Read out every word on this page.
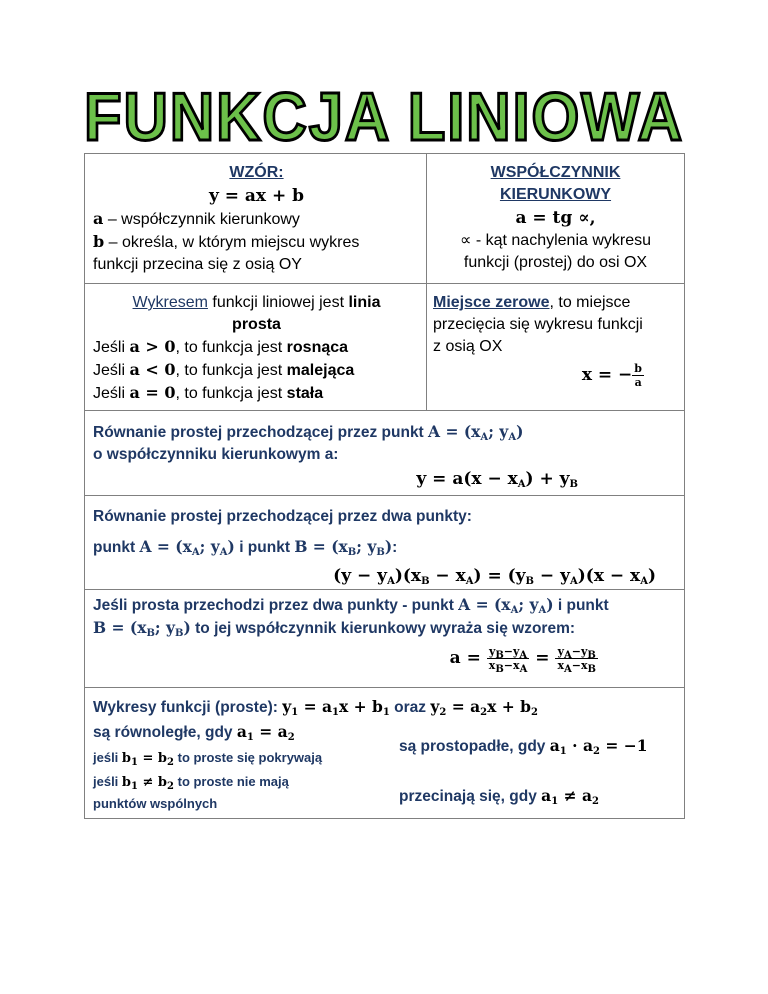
FUNKCJA LINIOWA

WZÓR:

y = ax + b

a – współczynnik kierunkowy

b – określa, w którym miejscu wykres

funkcji przecina się z osią OY

WSPÓŁCZYNNIK

KIERUNKOWY

a = tg ∝,

∝ - kąt nachylenia wykresu

funkcji (prostej) do osi OX

Wykresem funkcji liniowej jest linia

prosta

Jeśli a > 0, to funkcja jest rosnąca

Jeśli a < 0, to funkcja jest malejąca

Jeśli a = 0, to funkcja jest stała

Miejsce zerowe, to miejsce

przecięcia się wykresu funkcji

z osią OX

x = − $\frac{b}{a}$

Równanie prostej przechodzącej przez punkt $A = (x_A$; $y_A$)

o współczynniku kierunkowym a:

$y = a(x - x_A) + y_B$

Równanie prostej przechodzącej przez dwa punkty:

punkt $A = (x_A$; $y_A$) i punkt $B = (x_B$; $y_B$):

$(y - y_A)(x_B - x_A) = (y_B - y_A)(x - x_A)$

Jeśli prosta przechodzi przez dwa punkty - punkt $A = (x_A$; $y_A$) i punkt

$B = (x_B$; $y_B$) to jej współczynnik kierunkowy wyraża się wzorem:

$a = \frac{y_B-y_A}{x_B-x_A} = \frac{y_A-y_B}{x_A-x_B}$

Wykresy funkcji (proste): $y_1 = a_1x + b_1$ oraz $y_2 = a_2x + b_2$

są równoległe, gdy $a_1 = a_2$

jeśli $b_1 = b_2$ to proste się pokrywają

jeśli $b_1 \ne b_2$ to proste nie mają

punktów wspólnych

są prostopadłe, gdy $a_1 \cdot a_2 = -1$

przecinają się, gdy $a_1 \ne a_2$
